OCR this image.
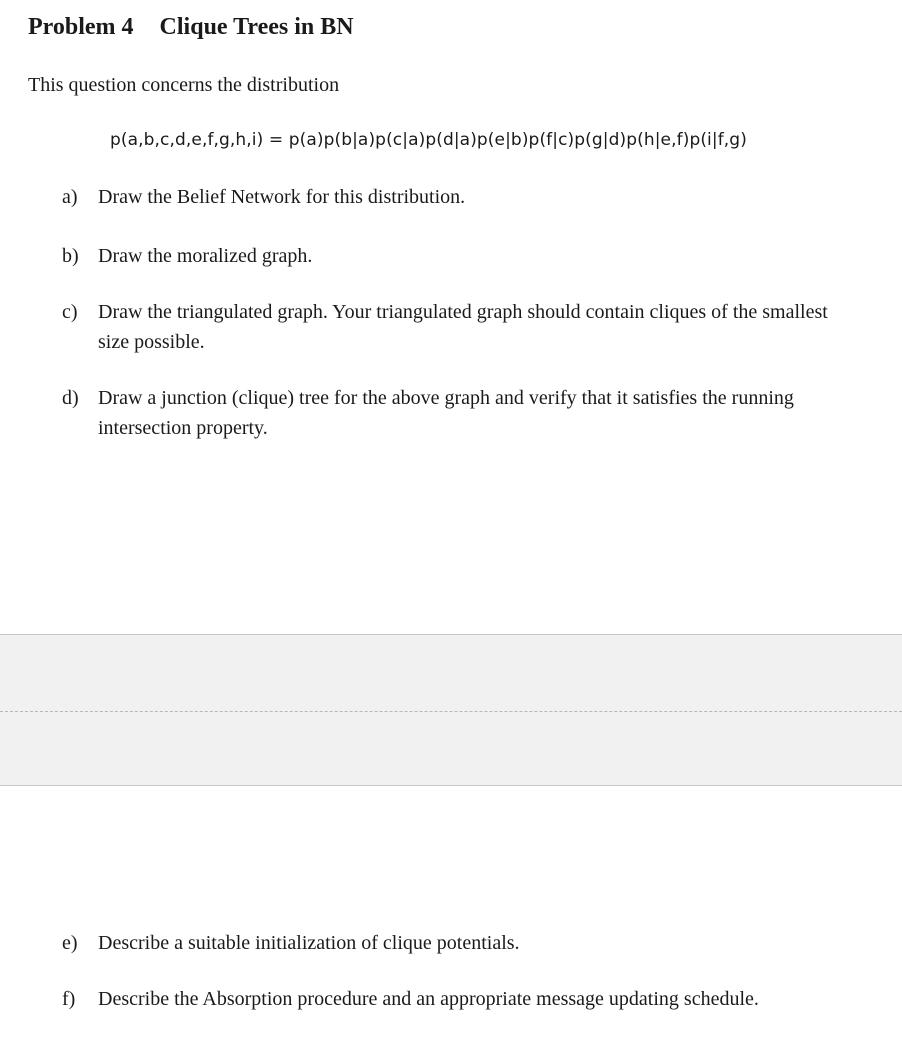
Problem 4 Clique Trees in BN
This question concerns the distribution
p(a,b,c,d,e,f,g,h,i) = p(a)p(b|a)p(c|a)p(d|a)p(e|b)p(f|c)p(g|d)p(h|e,f)p(i|f,g)
a)	Draw the Belief Network for this distribution.
b) Draw the moralized graph.
c)	Draw the triangulated graph. Your triangulated graph should contain cliques of the smallest size possible.
d) Draw a junction (clique) tree for the above graph and verify that it satisfies the running intersection property.
e)	Describe a suitable initialization of clique potentials.
f)	Describe the Absorption procedure and an appropriate message updating schedule.
